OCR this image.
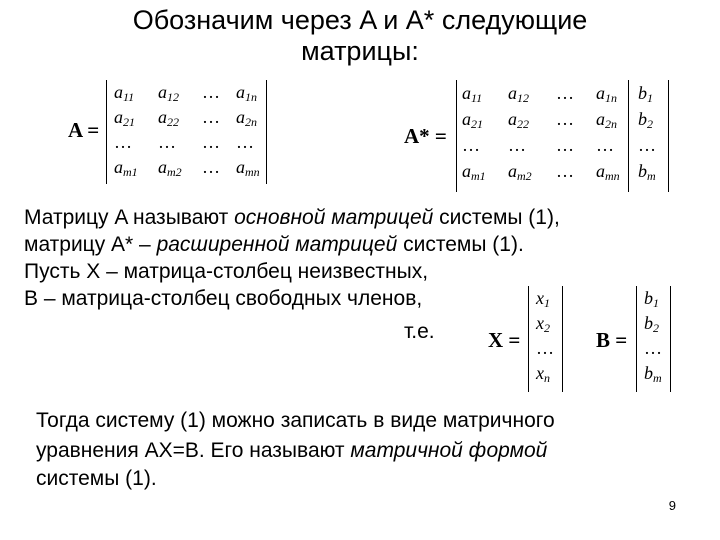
Обозначим через A и A* следующие
матрицы:
A =
$a_{11}$ $a_{12}$ … $a_{1n}$
$a_{21}$ $a_{22}$ … $a_{2n}$
… … … …
$a_{m1}$ $a_{m2}$ … $a_{mn}$
A* =
$a_{11}$ $a_{12}$ … $a_{1n}$ $b_1$
$a_{21}$ $a_{22}$ … $a_{2n}$ $b_2$
… … … … …
$a_{m1}$ $a_{m2}$ … $a_{mn}$ $b_m$
Матрицу A называют основной матрицей системы (1),
матрицу A* – расширенной матрицей системы (1).
Пусть X – матрица-столбец неизвестных,
B – матрица-столбец свободных членов,
т.е.	X =
$x_1$
$x_2$
…
$x_n$
B =
$b_1$
$b_2$
…
$b_m$
Тогда систему (1) можно записать в виде матричного
уравнения AX=B. Его называют матричной формой
системы (1).
9
